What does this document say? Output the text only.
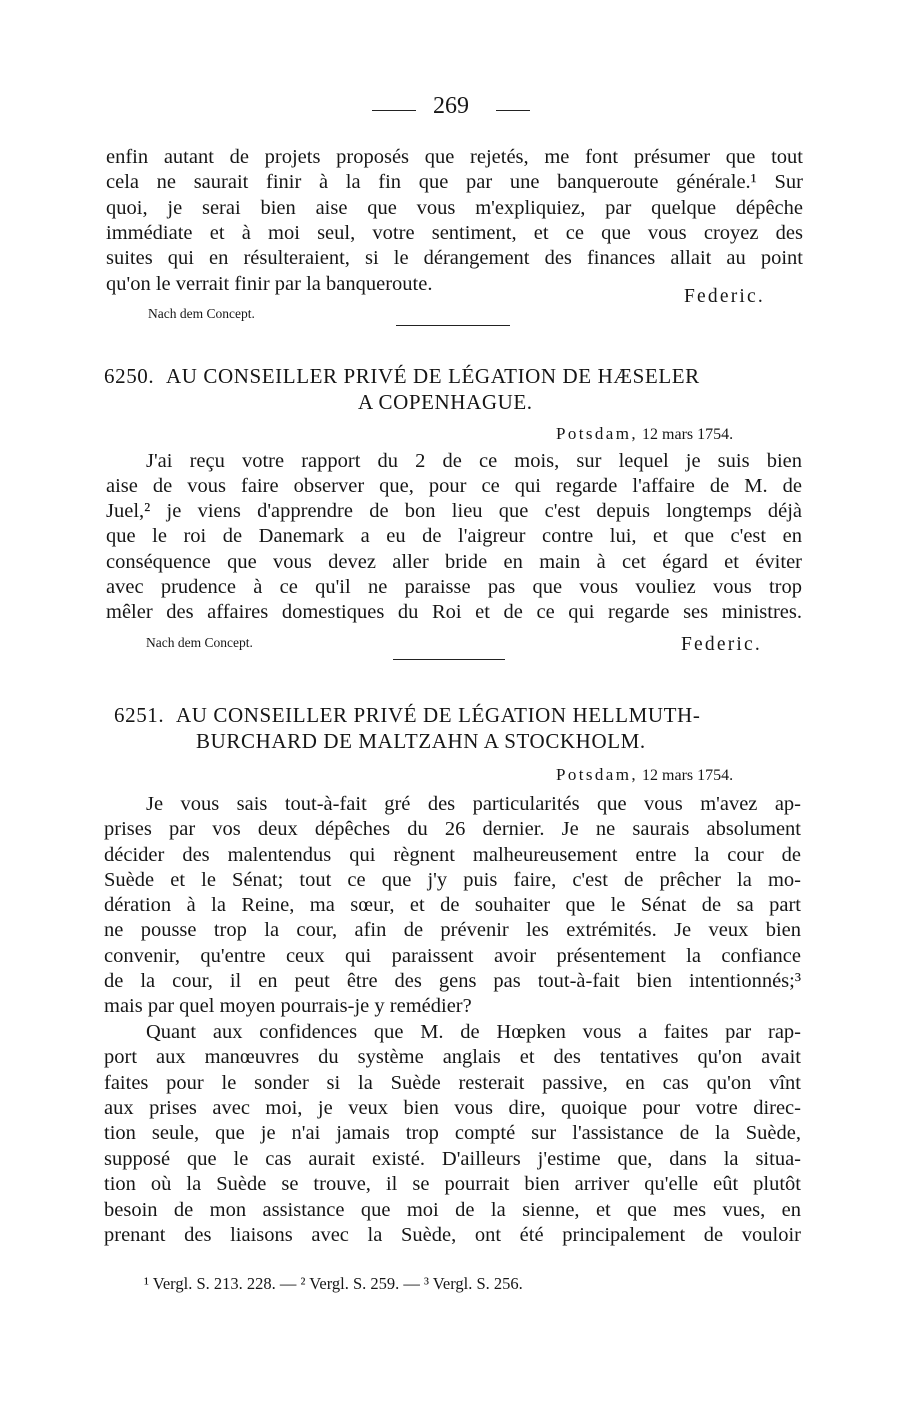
269
enfin autant de projets proposés que rejetés, me font présumer que tout
cela ne saurait finir à la fin que par une banqueroute générale.¹ Sur
quoi, je serai bien aise que vous m'expliquiez, par quelque dépêche
immédiate et à moi seul, votre sentiment, et ce que vous croyez des
suites qui en résulteraient, si le dérangement des finances allait au point
qu'on le verrait finir par la banqueroute.
Federic.
Nach dem Concept.
6250. AU CONSEILLER PRIVÉ DE LÉGATION DE HÆSELER
A COPENHAGUE.
Potsdam, 12 mars 1754.
J'ai reçu votre rapport du 2 de ce mois, sur lequel je suis bien
aise de vous faire observer que, pour ce qui regarde l'affaire de M. de
Juel,² je viens d'apprendre de bon lieu que c'est depuis longtemps déjà
que le roi de Danemark a eu de l'aigreur contre lui, et que c'est en
conséquence que vous devez aller bride en main à cet égard et éviter
avec prudence à ce qu'il ne paraisse pas que vous vouliez vous trop
mêler des affaires domestiques du Roi et de ce qui regarde ses ministres.
Nach dem Concept.	Federic.
6251. AU CONSEILLER PRIVÉ DE LÉGATION HELLMUTH-
BURCHARD DE MALTZAHN A STOCKHOLM.
Potsdam, 12 mars 1754.
Je vous sais tout-à-fait gré des particularités que vous m'avez ap-
prises par vos deux dépêches du 26 dernier. Je ne saurais absolument
décider des malentendus qui règnent malheureusement entre la cour de
Suède et le Sénat; tout ce que j'y puis faire, c'est de prêcher la mo-
dération à la Reine, ma sœur, et de souhaiter que le Sénat de sa part
ne pousse trop la cour, afin de prévenir les extrémités. Je veux bien
convenir, qu'entre ceux qui paraissent avoir présentement la confiance
de la cour, il en peut être des gens pas tout-à-fait bien intentionnés;³
mais par quel moyen pourrais-je y remédier?
Quant aux confidences que M. de Hœpken vous a faites par rap-
port aux manœuvres du système anglais et des tentatives qu'on avait
faites pour le sonder si la Suède resterait passive, en cas qu'on vînt
aux prises avec moi, je veux bien vous dire, quoique pour votre direc-
tion seule, que je n'ai jamais trop compté sur l'assistance de la Suède,
supposé que le cas aurait existé. D'ailleurs j'estime que, dans la situa-
tion où la Suède se trouve, il se pourrait bien arriver qu'elle eût plutôt
besoin de mon assistance que moi de la sienne, et que mes vues, en
prenant des liaisons avec la Suède, ont été principalement de vouloir
¹ Vergl. S. 213. 228. — ² Vergl. S. 259. — ³ Vergl. S. 256.
